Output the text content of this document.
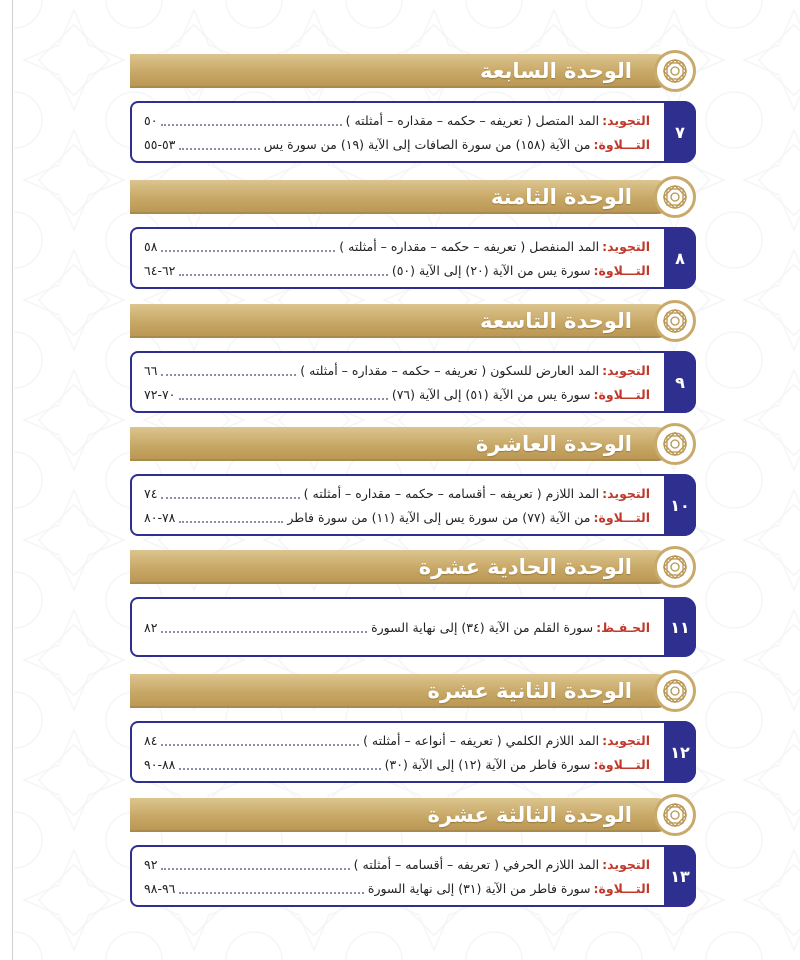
الوحدة السابعة
٧
التجويد:
المد المتصل ( تعريفه – حكمه – مقداره – أمثلته )
٥٠
التـــلاوة:
من الآية (١٥٨) من سورة الصافات إلى الآية (١٩) من سورة يس
٥٣-٥٥
الوحدة الثامنة
٨
التجويد:
المد المنفصل ( تعريفه – حكمه – مقداره – أمثلته )
٥٨
التـــلاوة:
سورة يس من الآية (٢٠) إلى الآية (٥٠)
٦٢-٦٤
الوحدة التاسعة
٩
التجويد:
المد العارض للسكون ( تعريفه – حكمه – مقداره – أمثلته )
٦٦
التـــلاوة:
سورة يس من الآية (٥١) إلى الآية (٧٦)
٧٠-٧٢
الوحدة العاشرة
١٠
التجويد:
المد اللازم ( تعريفه – أقسامه – حكمه – مقداره – أمثلته )
٧٤
التـــلاوة:
من الآية (٧٧) من سورة يس إلى الآية (١١) من سورة فاطر
٧٨-٨٠
الوحدة الحادية عشرة
١١
الحـفـظ:
سورة القلم من الآية (٣٤) إلى نهاية السورة
٨٢
الوحدة الثانية عشرة
١٢
التجويد:
المد اللازم الكلمي ( تعريفه – أنواعه – أمثلته )
٨٤
التـــلاوة:
سورة فاطر من الآية (١٢) إلى الآية (٣٠)
٨٨-٩٠
الوحدة الثالثة عشرة
١٣
التجويد:
المد اللازم الحرفي ( تعريفه – أقسامه – أمثلته )
٩٢
التـــلاوة:
سورة فاطر من الآية (٣١) إلى نهاية السورة
٩٦-٩٨
